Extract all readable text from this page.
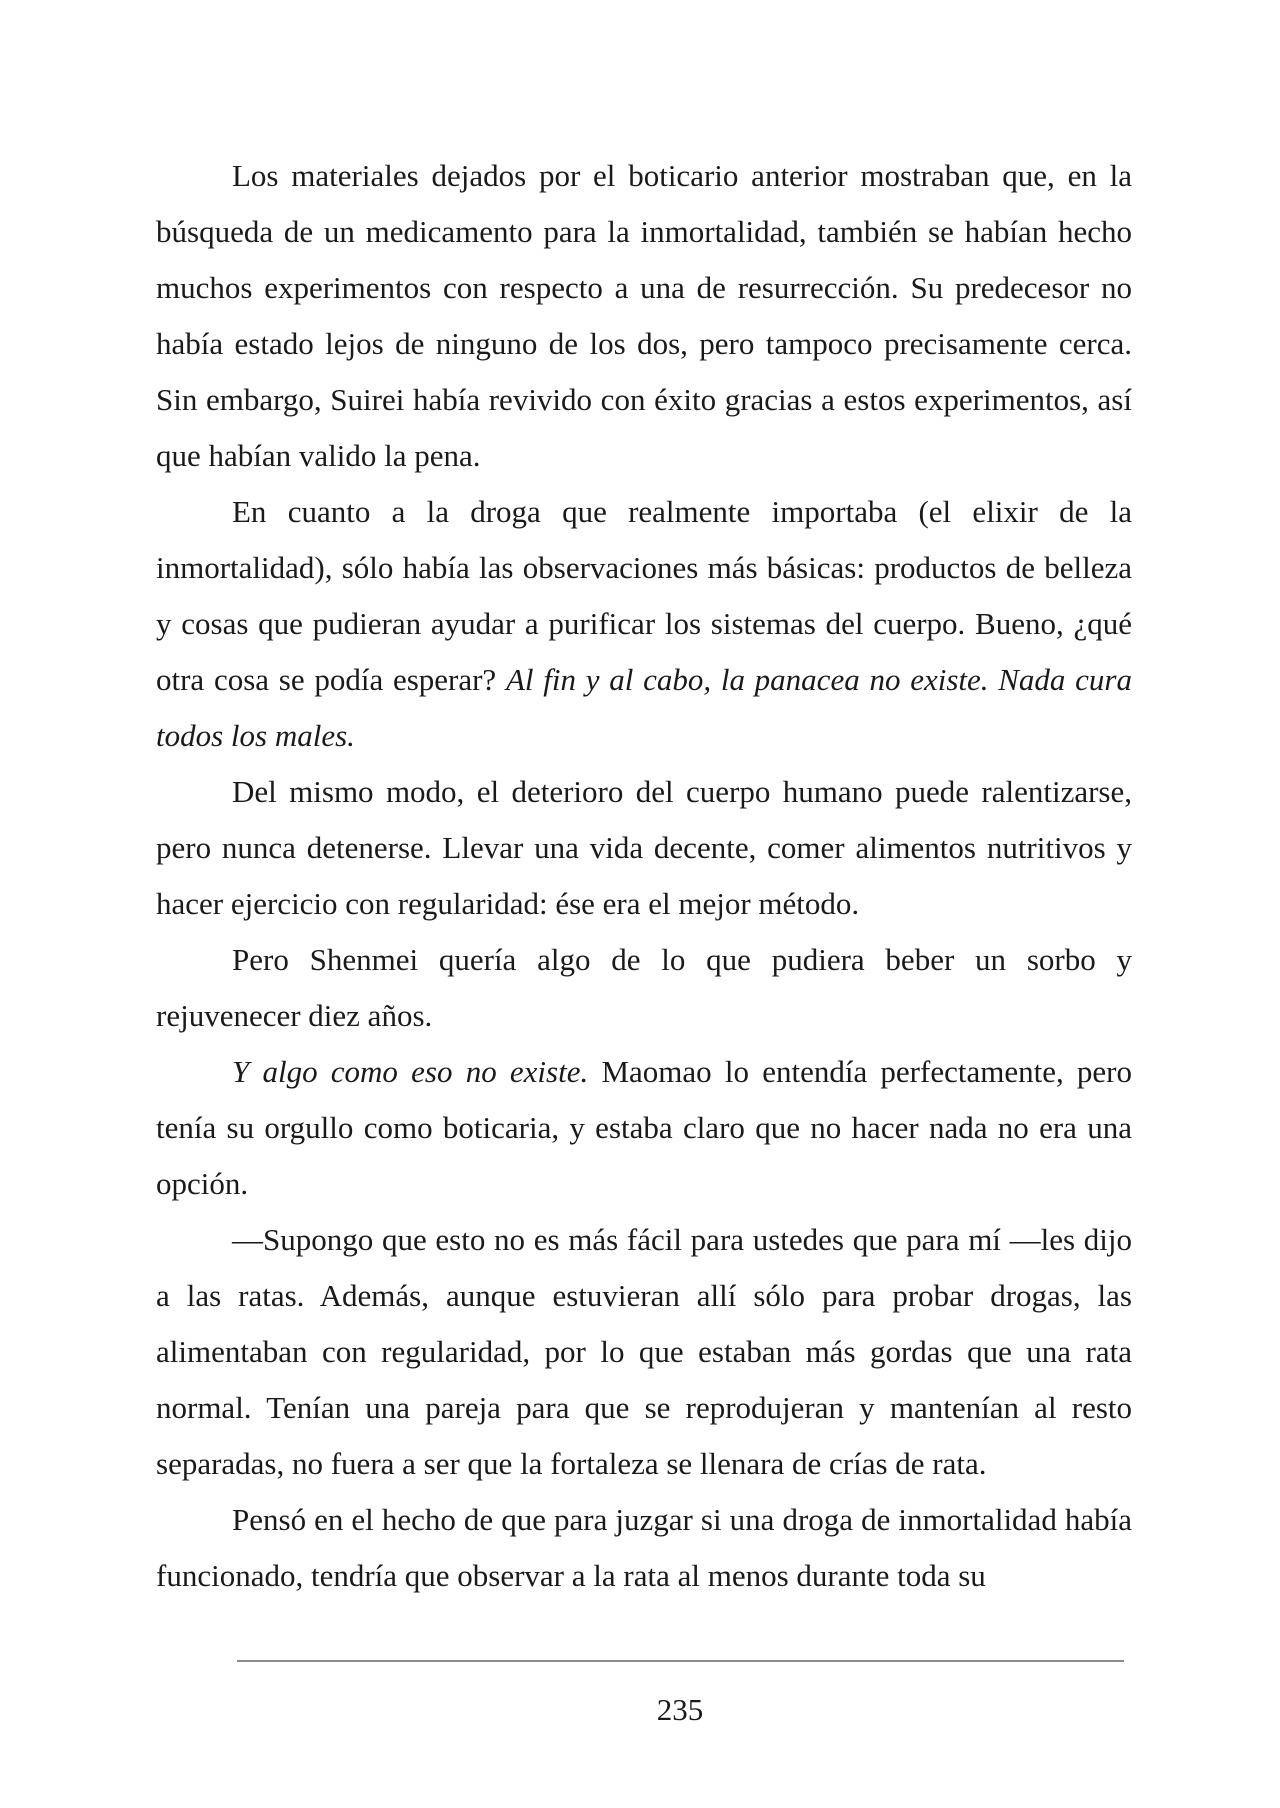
Los materiales dejados por el boticario anterior mostraban que, en la búsqueda de un medicamento para la inmortalidad, también se habían hecho muchos experimentos con respecto a una de resurrección. Su predecesor no había estado lejos de ninguno de los dos, pero tampoco precisamente cerca. Sin embargo, Suirei había revivido con éxito gracias a estos experimentos, así que habían valido la pena.

En cuanto a la droga que realmente importaba (el elixir de la inmortalidad), sólo había las observaciones más básicas: productos de belleza y cosas que pudieran ayudar a purificar los sistemas del cuerpo. Bueno, ¿qué otra cosa se podía esperar? Al fin y al cabo, la panacea no existe. Nada cura todos los males.

Del mismo modo, el deterioro del cuerpo humano puede ralentizarse, pero nunca detenerse. Llevar una vida decente, comer alimentos nutritivos y hacer ejercicio con regularidad: ése era el mejor método.

Pero Shenmei quería algo de lo que pudiera beber un sorbo y rejuvenecer diez años.

Y algo como eso no existe. Maomao lo entendía perfectamente, pero tenía su orgullo como boticaria, y estaba claro que no hacer nada no era una opción.

—Supongo que esto no es más fácil para ustedes que para mí —les dijo a las ratas. Además, aunque estuvieran allí sólo para probar drogas, las alimentaban con regularidad, por lo que estaban más gordas que una rata normal. Tenían una pareja para que se reprodujeran y mantenían al resto separadas, no fuera a ser que la fortaleza se llenara de crías de rata.

Pensó en el hecho de que para juzgar si una droga de inmortalidad había funcionado, tendría que observar a la rata al menos durante toda su

235
